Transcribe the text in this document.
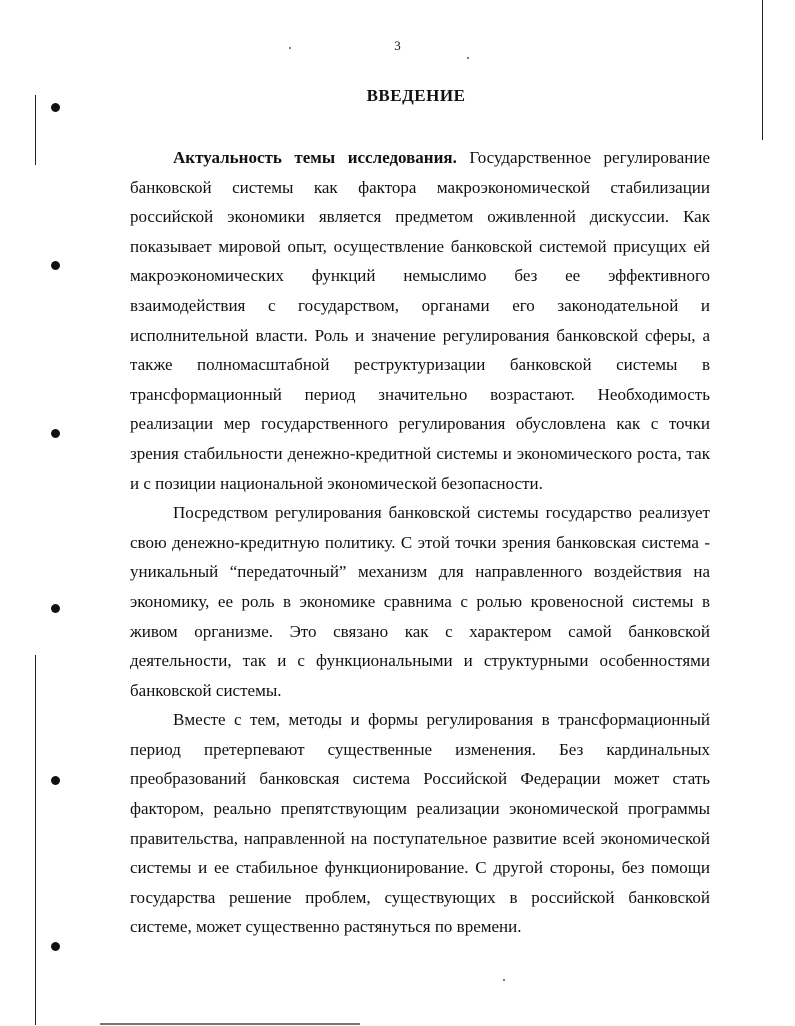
3
ВВЕДЕНИЕ

Актуальность темы исследования. Государственное регулирование банковской системы как фактора макроэкономической стабилизации российской экономики является предметом оживленной дискуссии. Как показывает мировой опыт, осуществление банковской системой присущих ей макроэкономических функций немыслимо без ее эффективного взаимодействия с государством, органами его законодательной и исполнительной власти. Роль и значение регулирования банковской сферы, а также полномасштабной реструктуризации банковской системы в трансформационный период значительно возрастают. Необходимость реализации мер государственного регулирования обусловлена как с точки зрения стабильности денежно-кредитной системы и экономического роста, так и с позиции национальной экономической безопасности.

Посредством регулирования банковской системы государство реализует свою денежно-кредитную политику. С этой точки зрения банковская система - уникальный “передаточный” механизм для направленного воздействия на экономику, ее роль в экономике сравнима с ролью кровеносной системы в живом организме. Это связано как с характером самой банковской деятельности, так и с функциональными и структурными особенностями банковской системы.

Вместе с тем, методы и формы регулирования в трансформационный период претерпевают существенные изменения. Без кардинальных преобразований банковская система Российской Федерации может стать фактором, реально препятствующим реализации экономической программы правительства, направленной на поступательное развитие всей экономической системы и ее стабильное функционирование. С другой стороны, без помощи государства решение проблем, существующих в российской банковской системе, может существенно растянуться по времени.
